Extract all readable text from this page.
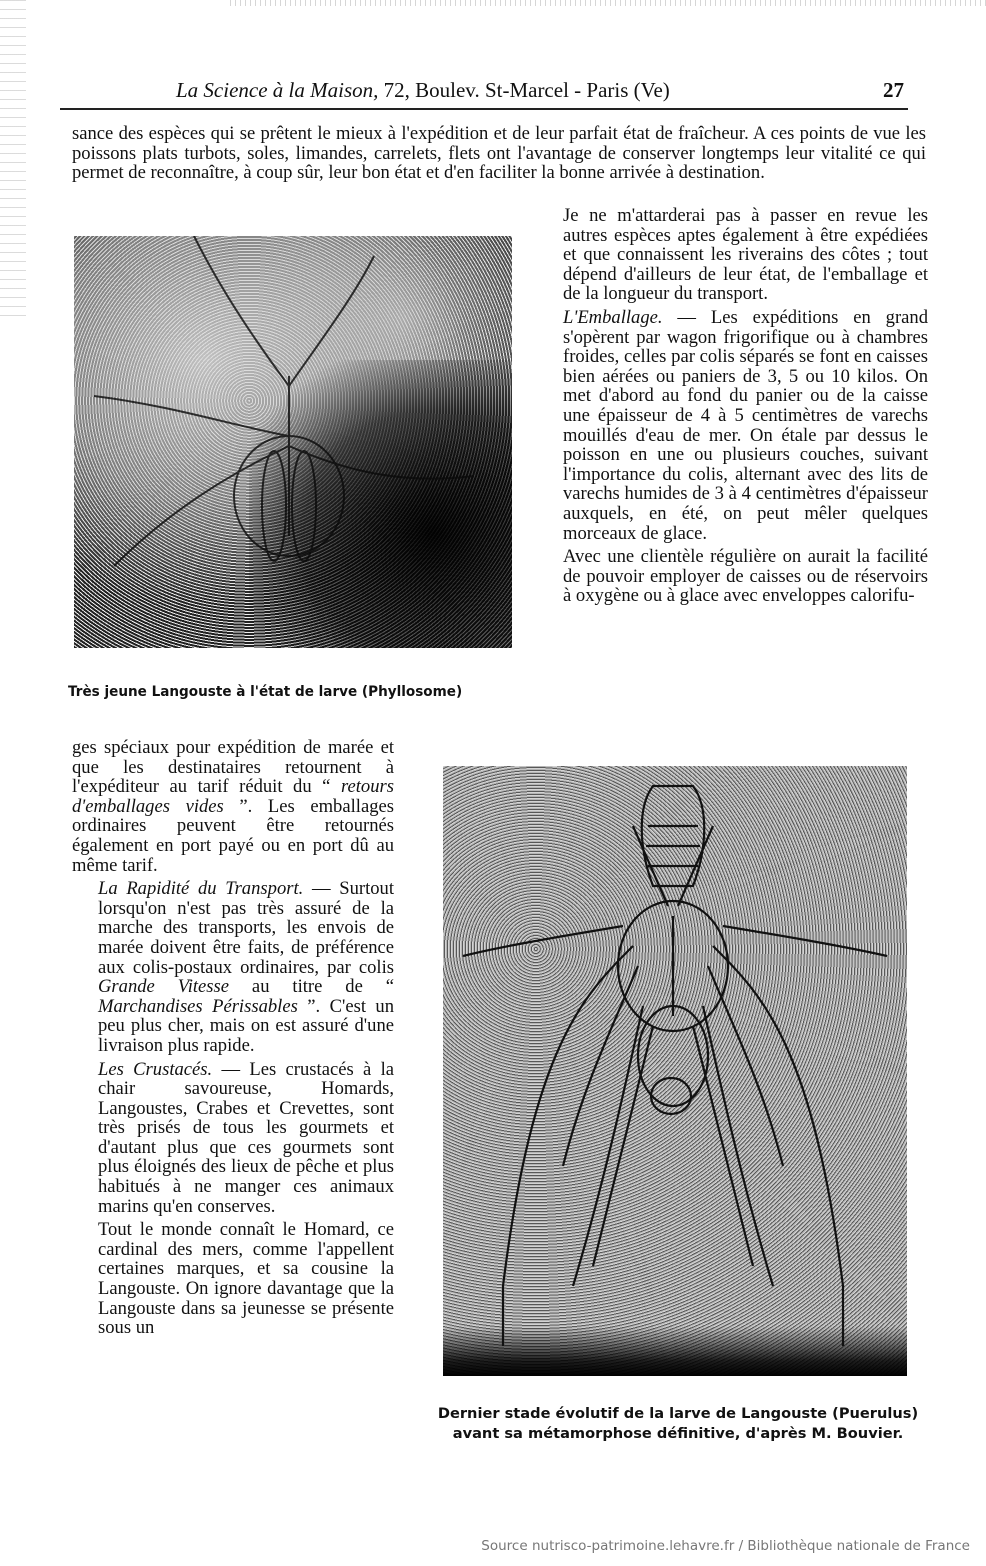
La Science à la Maison, 72, Boulev. St-Marcel - Paris (Ve)	27

sance des espèces qui se prêtent le mieux à l'expédition et de leur parfait état de fraîcheur. A ces points de vue les poissons plats turbots, soles, limandes, carrelets, flets ont l'avantage de conserver longtemps leur vitalité ce qui permet de reconnaître, à coup sûr, leur bon état et d'en faciliter la bonne arrivée à destination.

Très jeune Langouste à l'état de larve (Phyllosome)

Je ne m'attarderai pas à passer en revue les autres espèces aptes également à être expédiées et que connaissent les riverains des côtes ; tout dépend d'ailleurs de leur état, de l'emballage et de la longueur du transport.

L'Emballage. — Les expéditions en grand s'opèrent par wagon frigorifique ou à chambres froides, celles par colis séparés se font en caisses bien aérées ou paniers de 3, 5 ou 10 kilos. On met d'abord au fond du panier ou de la caisse une épaisseur de 4 à 5 centimètres de varechs mouillés d'eau de mer. On étale par dessus le poisson en une ou plusieurs couches, suivant l'importance du colis, alternant avec des lits de varechs humides de 3 à 4 centimètres d'épaisseur auxquels, en été, on peut mêler quelques morceaux de glace.

Avec une clientèle régulière on aurait la facilité de pouvoir employer de caisses ou de réservoirs à oxygène ou à glace avec enveloppes calorifu-

ges spéciaux pour expédition de marée et que les destinataires retournent à l'expéditeur au tarif réduit du “ retours d'emballages vides ”. Les emballages ordinaires peuvent être retournés également en port payé ou en port dû au même tarif.

La Rapidité du Transport. — Surtout lorsqu'on n'est pas très assuré de la marche des transports, les envois de marée doivent être faits, de préférence aux colis-postaux ordinaires, par colis Grande Vitesse au titre de “ Marchandises Périssables ”. C'est un peu plus cher, mais on est assuré d'une livraison plus rapide.

Les Crustacés. — Les crustacés à la chair savoureuse, Homards, Langoustes, Crabes et Crevettes, sont très prisés de tous les gourmets et d'autant plus que ces gourmets sont plus éloignés des lieux de pêche et plus habitués à ne manger ces animaux marins qu'en conserves.

Tout le monde connaît le Homard, ce cardinal des mers, comme l'appellent certaines marques, et sa cousine la Langouste. On ignore davantage que la Langouste dans sa jeunesse se présente sous un

Dernier stade évolutif de la larve de Langouste (Puerulus)
avant sa métamorphose définitive, d'après M. Bouvier.
Source nutrisco-patrimoine.lehavre.fr / Bibliothèque nationale de France
